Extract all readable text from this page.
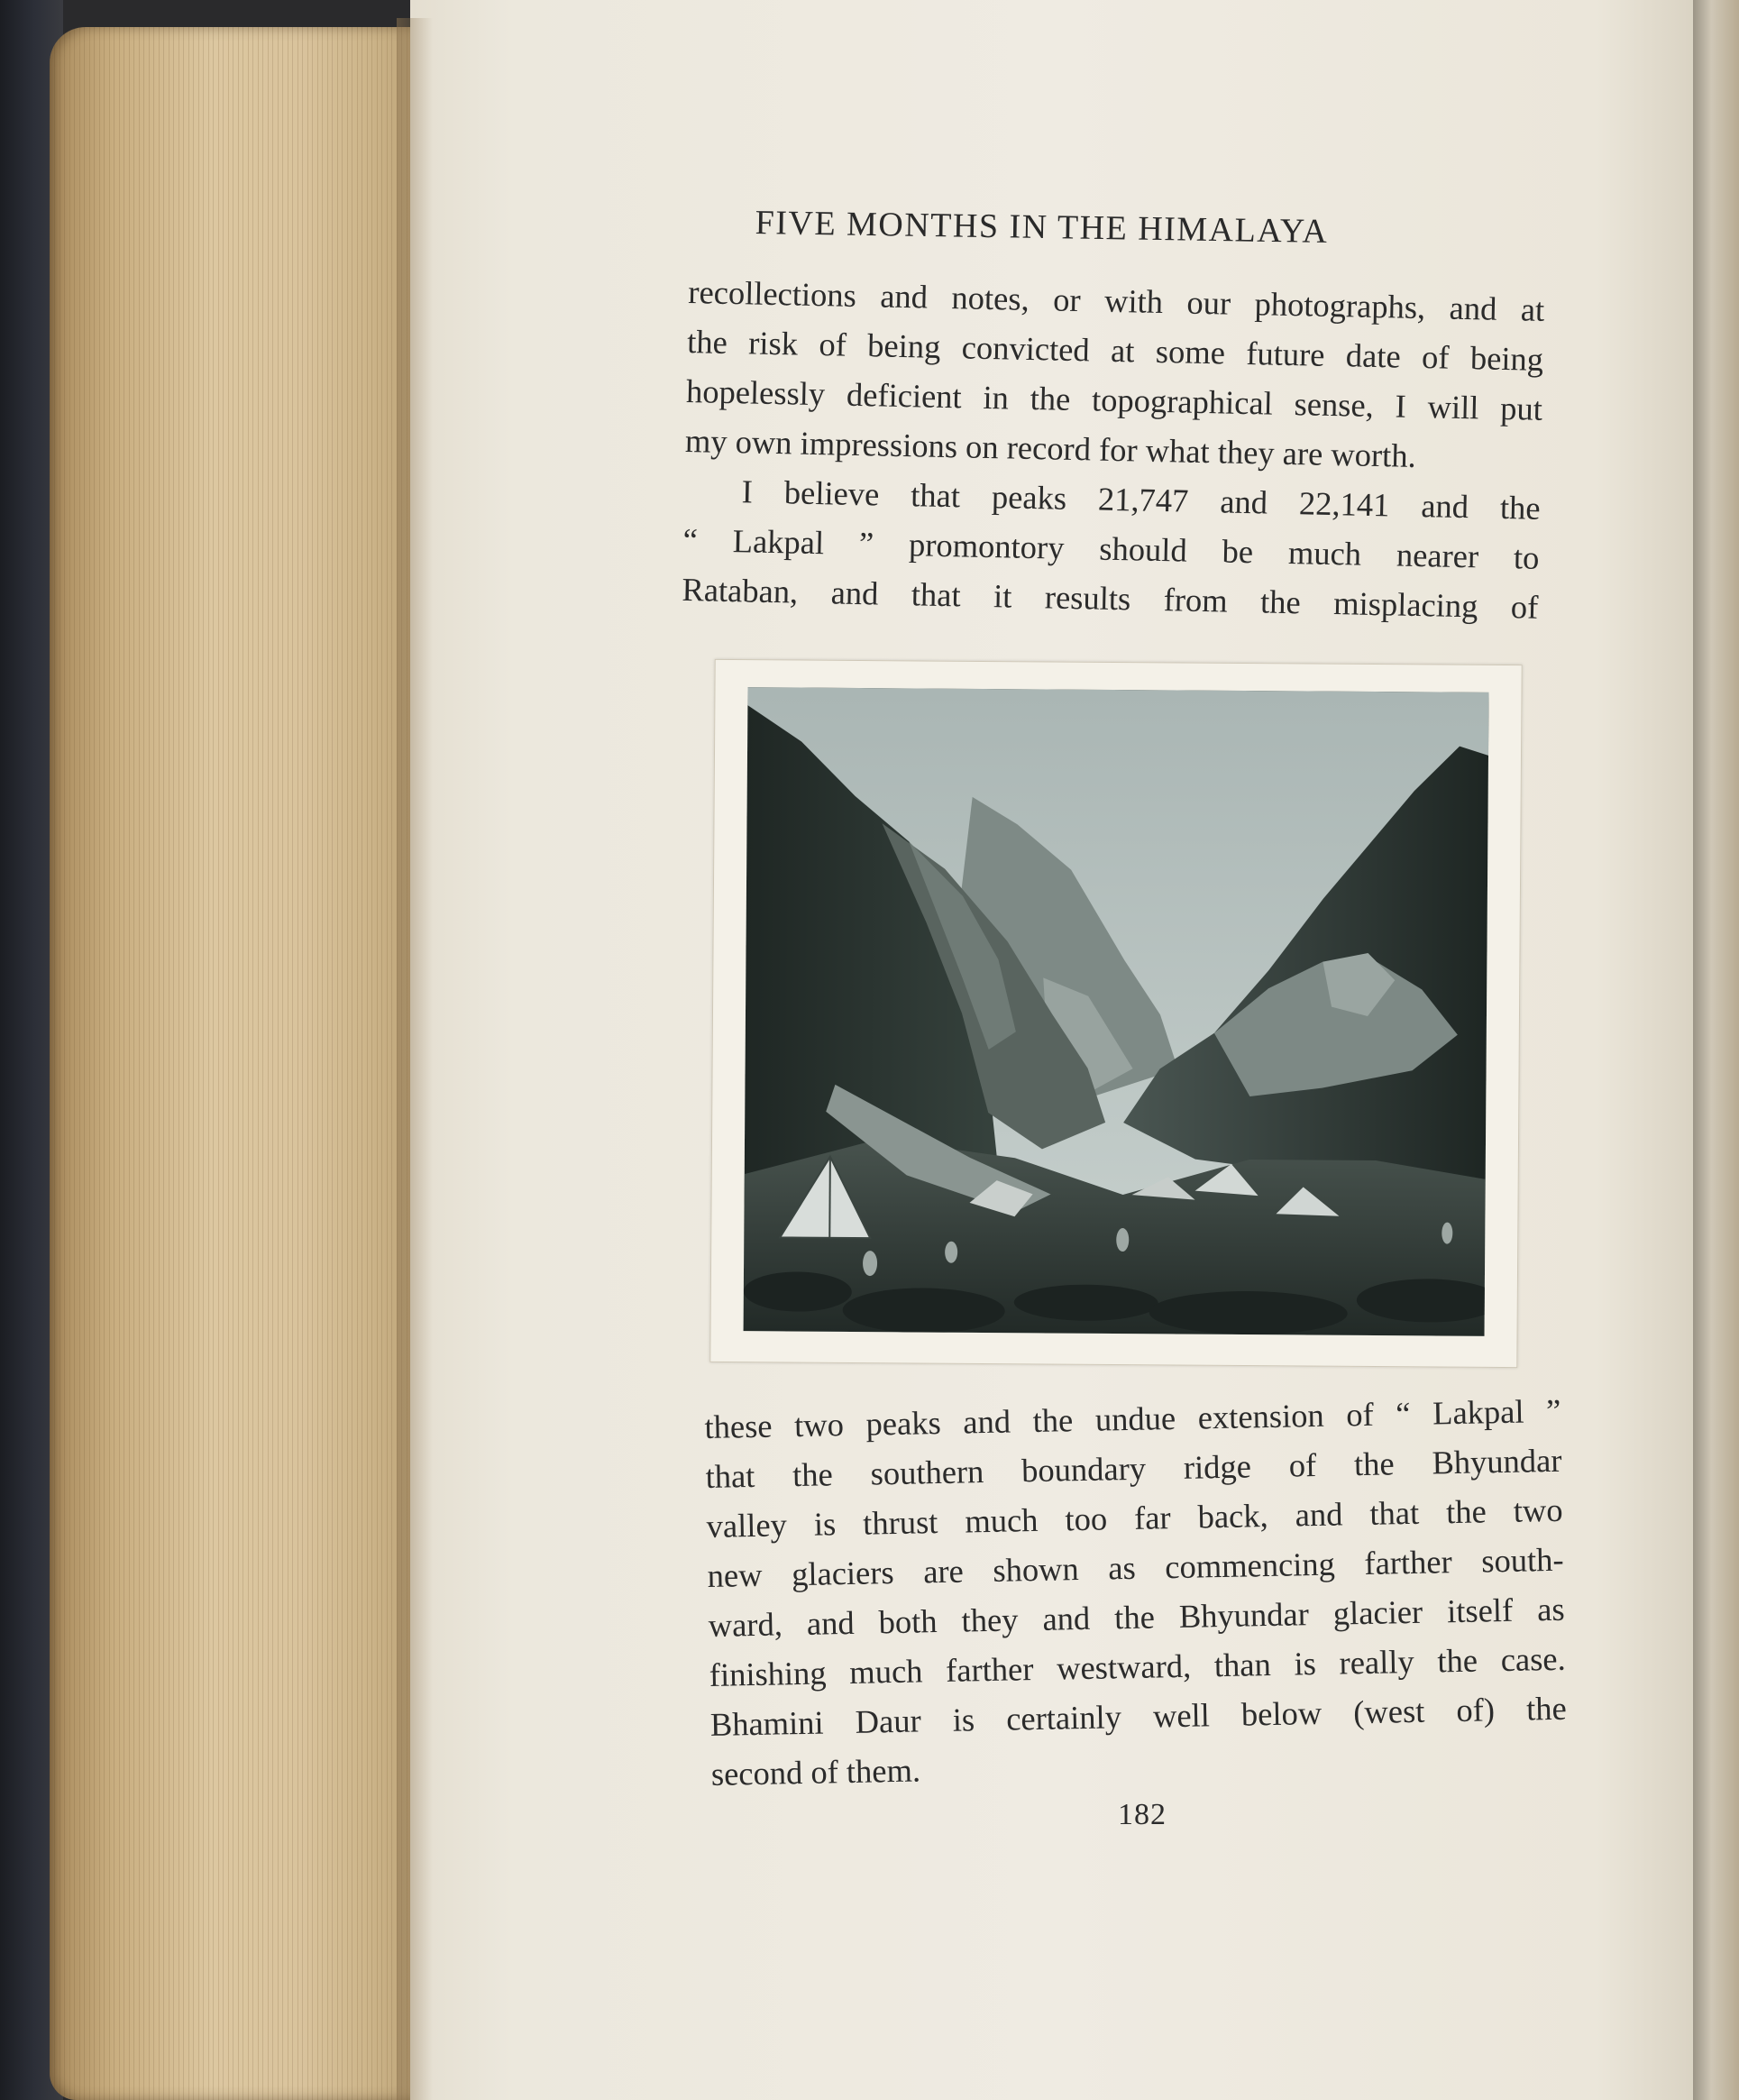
FIVE MONTHS IN THE HIMALAYA
recollections and notes, or with our photographs, and at
the risk of being convicted at some future date of being
hopelessly deficient in the topographical sense, I will put
my own impressions on record for what they are worth.
I believe that peaks 21,747 and 22,141 and the
“ Lakpal ” promontory should be much nearer to
Rataban, and that it results from the misplacing of
these two peaks and the undue extension of “ Lakpal ”
that the southern boundary ridge of the Bhyundar
valley is thrust much too far back, and that the two
new glaciers are shown as commencing farther south-
ward, and both they and the Bhyundar glacier itself as
finishing much farther westward, than is really the case.
Bhamini Daur is certainly well below (west of) the
second of them.
182
